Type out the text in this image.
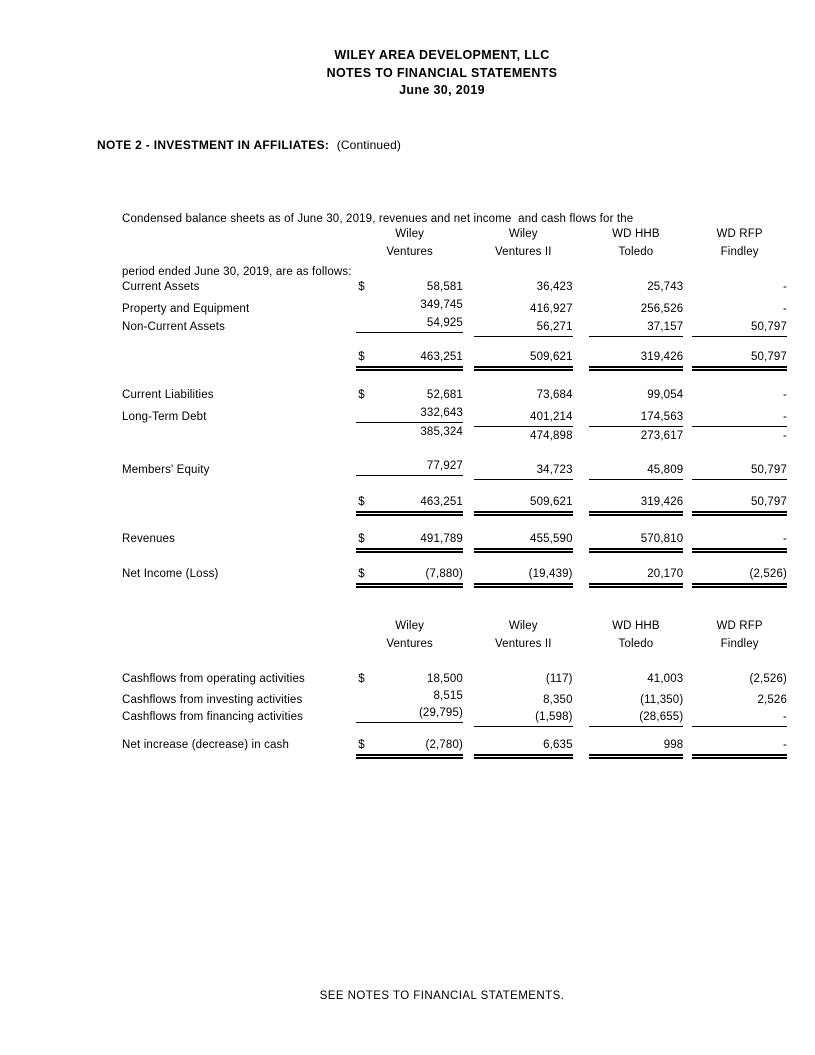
WILEY AREA DEVELOPMENT, LLC
NOTES TO FINANCIAL STATEMENTS
June 30, 2019
NOTE 2 - INVESTMENT IN AFFILIATES: (Continued)

Condensed balance sheets as of June 30, 2019, revenues and net income  and cash flows for the

period ended June 30, 2019, are as follows:

Wiley	Wiley	WD HHB	WD RFP
Ventures	Ventures II	Toledo	Findley
Current Assets	$	58,581	36,423	25,743	-
Property and Equipment	349,745	416,927	256,526	-
Non-Current Assets	54,925	56,271	37,157	50,797
$	463,251	509,621	319,426	50,797
Current Liabilities	$	52,681	73,684	99,054	-
Long-Term Debt	332,643	401,214	174,563	-
385,324	474,898	273,617	-
Members' Equity	77,927	34,723	45,809	50,797
$	463,251	509,621	319,426	50,797
Revenues	$	491,789	455,590	570,810	-
Net Income (Loss)	$	(7,880)	(19,439)	20,170	(2,526)
Wiley	Wiley	WD HHB	WD RFP
Ventures	Ventures II	Toledo	Findley
Cashflows from operating activities	$	18,500	(117)	41,003	(2,526)
Cashflows from investing activities	8,515	8,350	(11,350)	2,526
Cashflows from financing activities	(29,795)	(1,598)	(28,655)	-
Net increase (decrease) in cash	$	(2,780)	6,635	998	-
SEE NOTES TO FINANCIAL STATEMENTS.
